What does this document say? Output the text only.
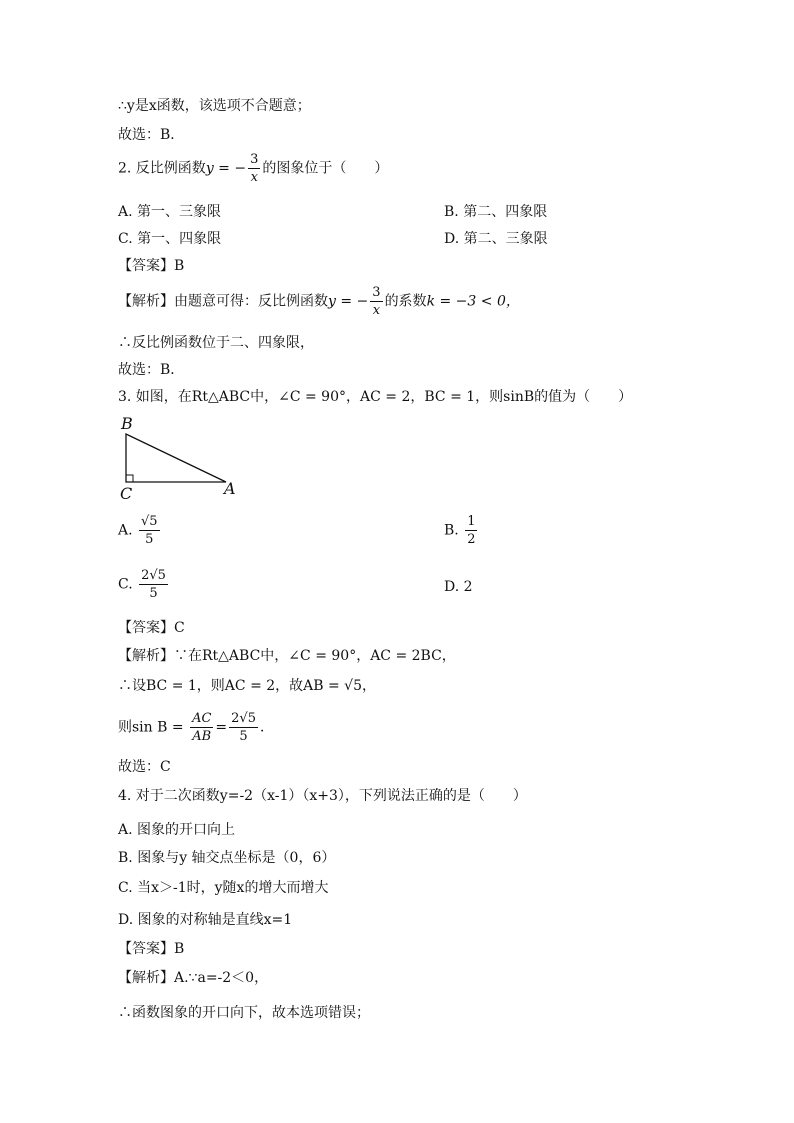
∴y是x函数，该选项不合题意；
故选：B．
2. 反比例函数y = − $\frac{3}{x}$ 的图象位于（　　）
A. 第一、三象限	B. 第二、四象限
C. 第一、四象限	D. 第二、三象限
【答案】B
【解析】由题意可得：反比例函数y = − $\frac{3}{x}$ 的系数k = −3 < 0，
∴反比例函数位于二、四象限，
故选：B．
3. 如图，在Rt△ABC中，∠C = 90°，AC = 2，BC = 1，则sinB的值为（　　）
B
C	A
A. $\frac{√5}{5}$	B. $\frac{1}{2}$
C. $\frac{2√5}{5}$	D. 2
【答案】C
【解析】∵在Rt△ABC中，∠C = 90°，AC = 2BC，
∴设BC = 1，则AC = 2，故AB = √5，
则$\sin B = \frac{AC}{AB} = \frac{2√5}{5}$ ．
故选：C
4. 对于二次函数y=-2（x-1）（x+3），下列说法正确的是（　　）
A. 图象的开口向上
B. 图象与y 轴交点坐标是（0，6）
C. 当x＞-1时，y随x的增大而增大
D. 图象的对称轴是直线x=1
【答案】B
【解析】A.∵a=-2＜0，
∴函数图象的开口向下，故本选项错误；
